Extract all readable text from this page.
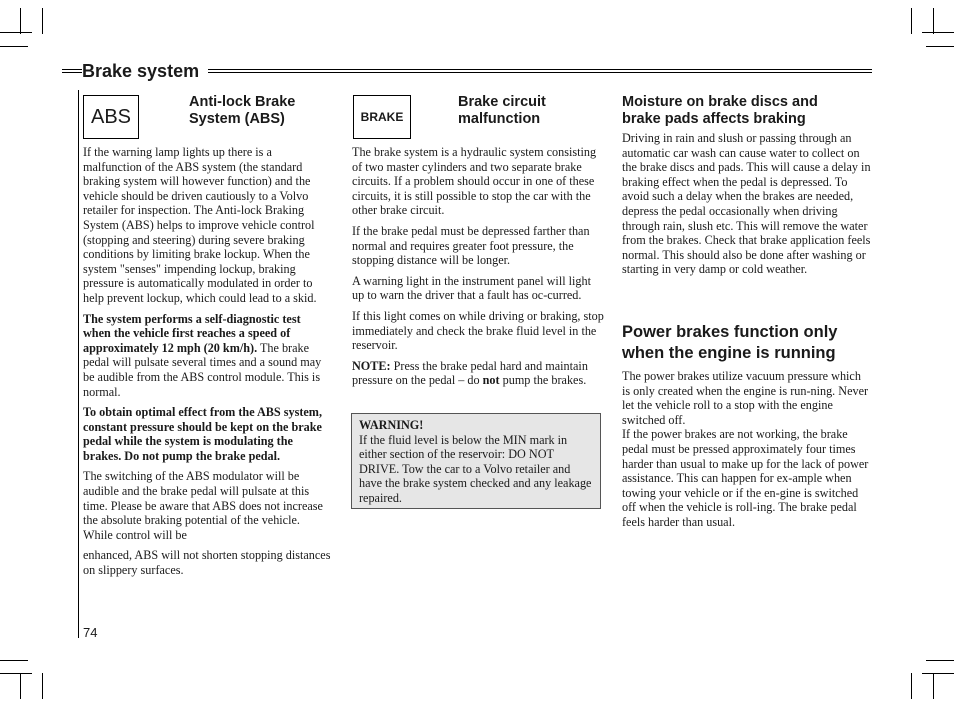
Brake system
ABS
Anti-lock Brake
System (ABS)

If the warning lamp lights up there is a malfunction of the ABS system (the standard braking system will however function) and the vehicle should be driven cautiously to a Volvo retailer for inspection. The Anti-lock Braking System (ABS) helps to improve vehicle control (stopping and steering) during severe braking conditions by limiting brake lockup. When the system "senses" impending lockup, braking pressure is automatically modulated in order to help prevent lockup, which could lead to a skid.

The system performs a self-diagnostic test when the vehicle first reaches a speed of approximately 12 mph (20 km/h). The brake pedal will pulsate several times and a sound may be audible from the ABS control module. This is normal.

To obtain optimal effect from the ABS system, constant pressure should be kept on the brake pedal while the system is modulating the brakes. Do not pump the brake pedal.

The switching of the ABS modulator will be audible and the brake pedal will pulsate at this time. Please be aware that ABS does not increase the absolute braking potential of the vehicle. While control will be

enhanced, ABS will not shorten stopping distances on slippery surfaces.

BRAKE
Brake circuit
malfunction

The brake system is a hydraulic system consisting of two master cylinders and two separate brake circuits. If a problem should occur in one of these circuits, it is still possible to stop the car with the other brake circuit.

If the brake pedal must be depressed farther than normal and requires greater foot pressure, the stopping distance will be longer.

A warning light in the instrument panel will light up to warn the driver that a fault has oc-curred.

If this light comes on while driving or braking, stop immediately and check the brake fluid level in the reservoir.

NOTE: Press the brake pedal hard and maintain pressure on the pedal – do not pump the brakes.

WARNING!

If the fluid level is below the MIN mark in either section of the reservoir: DO NOT DRIVE. Tow the car to a Volvo retailer and have the brake system checked and any leakage repaired.

Moisture on brake discs and
brake pads affects braking

Driving in rain and slush or passing through an automatic car wash can cause water to collect on the brake discs and pads. This will cause a delay in braking effect when the pedal is depressed. To avoid such a delay when the brakes are needed, depress the pedal occasionally when driving through rain, slush etc. This will remove the water from the brakes. Check that brake application feels normal. This should also be done after washing or starting in very damp or cold weather.

Power brakes function only
when the engine is running

The power brakes utilize vacuum pressure which is only created when the engine is run-ning. Never let the vehicle roll to a stop with the engine switched off.

If the power brakes are not working, the brake pedal must be pressed approximately four times harder than usual to make up for the lack of power assistance. This can happen for ex-ample when towing your vehicle or if the en-gine is switched off when the vehicle is roll-ing. The brake pedal feels harder than usual.

74
